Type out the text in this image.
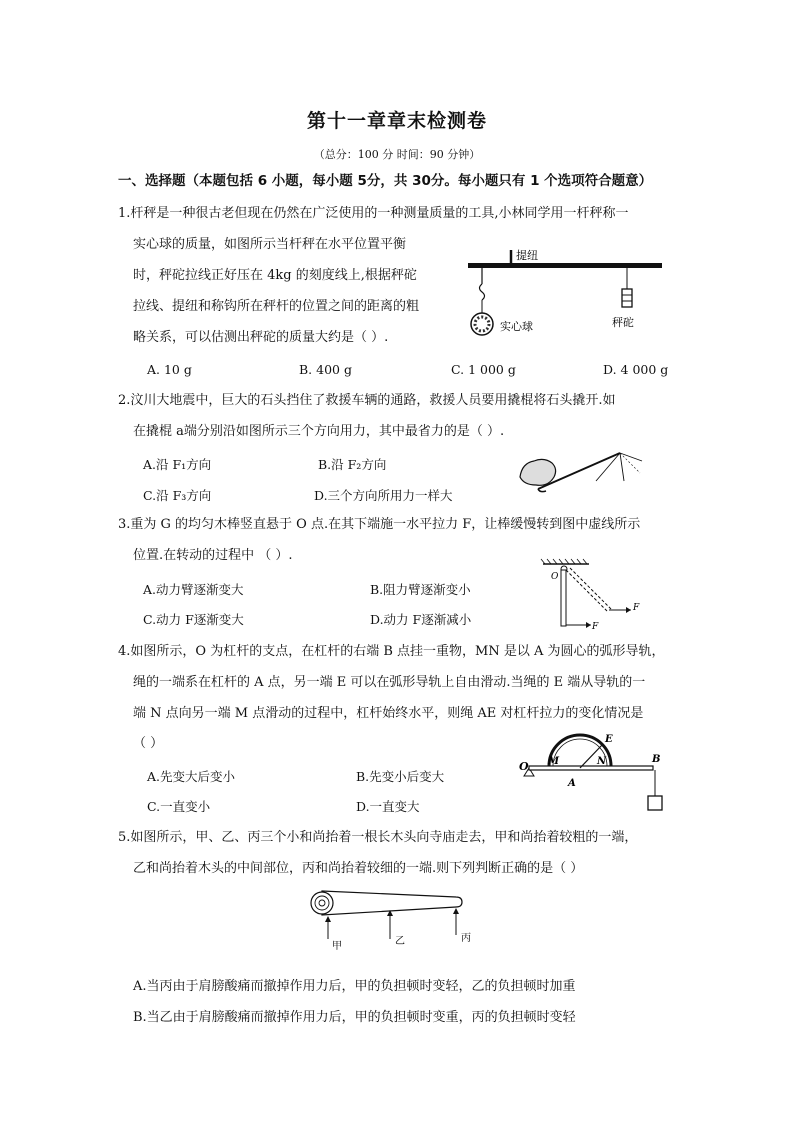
第十一章章末检测卷
（总分：100 分 时间：90 分钟）
一、选择题（本题包括 6 小题，每小题 5分，共 30分。每小题只有 1 个选项符合题意）
1.杆秤是一种很古老但现在仍然在广泛使用的一种测量质量的工具,小林同学用一杆秤称一
实心球的质量，如图所示当杆秤在水平位置平衡
时，秤砣拉线正好压在 4kg 的刻度线上,根据秤砣
拉线、提纽和称钩所在秤杆的位置之间的距离的粗
略关系，可以估测出秤砣的质量大约是（ ）.
A. 10 g	B. 400 g	C. 1 000 g	D. 4 000 g
提纽
实心球	秤砣
2.汶川大地震中，巨大的石头挡住了救援车辆的通路，救援人员要用撬棍将石头撬开.如
在撬棍 a端分别沿如图所示三个方向用力，其中最省力的是（ ）.
A.沿 F₁方向	B.沿 F₂方向
C.沿 F₃方向	D.三个方向所用力一样大
3.重为 G 的均匀木棒竖直悬于 O 点.在其下端施一水平拉力 F，让棒缓慢转到图中虚线所示
位置.在转动的过程中 （ ）.
A.动力臂逐渐变大	B.阻力臂逐渐变小
C.动力 F逐渐变大	D.动力 F逐渐减小
O
F
F
4.如图所示，O 为杠杆的支点，在杠杆的右端 B 点挂一重物，MN 是以 A 为圆心的弧形导轨，
绳的一端系在杠杆的 A 点，另一端 E 可以在弧形导轨上自由滑动.当绳的 E 端从导轨的一
端 N 点向另一端 M 点滑动的过程中，杠杆始终水平，则绳 AE 对杠杆拉力的变化情况是
（ ）
A.先变大后变小	B.先变小后变大
C.一直变小	D.一直变大
O M	N
E
A
B
5.如图所示，甲、乙、丙三个小和尚抬着一根长木头向寺庙走去，甲和尚抬着较粗的一端，
乙和尚抬着木头的中间部位，丙和尚抬着较细的一端.则下列判断正确的是（ ）
甲	乙	丙
A.当丙由于肩膀酸痛而撤掉作用力后，甲的负担顿时变轻，乙的负担顿时加重
B.当乙由于肩膀酸痛而撤掉作用力后，甲的负担顿时变重，丙的负担顿时变轻
